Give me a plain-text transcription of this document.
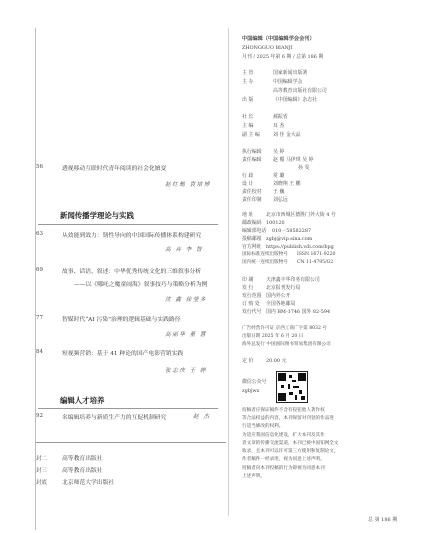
56	透视移动互联时代青年阅读的社会化嬗变
赵红勤 袁培博
新闻传播学理论与实践
63	从效能到效力：韧性导向的中国国际传播体系构建研究
高 卉 李 智
69	故事、话语、叙述：中华优秀传统文化的三维叙事分析
——以《哪吒之魔童闹海》叙事技巧与策略分析为例
沈 鑫 徐莹多
77	智媒时代“AI 污染”治理的逻辑基础与实践路径
高丽华 董 慧
84	短视频营销：基于 41 种论的国产电影营销实践
张志庆 王 婷
编辑人才培养
92	名编辑培养与新质生产力的互促机制研究	赵 杰
封二	高等教育出版社
封三	高等教育出版社
封底	北京师范大学出版社
中国编辑（中国编辑学会会刊）
ZHONGGUO BIANJI
月刊 / 2025 年第 6 期 / 总第 186 期
主 管	国家新闻出版署
主 办	中国编辑学会
高等教育出版社有限公司
出 版	《中国编辑》杂志社
社 长	郝振省
主 编	耳 杰
副 主 编	刘 佳 金大品
执行编辑 吴 婷
责任编辑 赵 楣 马伊琪 吴 婷
孙 雯
行 政	常 璐
设 计	刘晓翔 王 鹏
责任校对 王 巍
责任印制 刘弘远
地 址	北京市西城区德胜门外大街 4 号
邮政编码 100120
编辑部电话 010－58582287
投稿邮箱 zgbj@vip.sina.com
官方网址 https://publish.vdi.com/bpg
国际标准连续出版物号 ISSN 1671-9220
国内统一连续出版物号 CN 11-4795/G2
印 刷	天津鑫丰华印务有限公司
发 行	北京报刊发行局
发行范围 国内外公开
订 购 处 全国各地邮局
发行代号 国内 BM-1746 国外 82-594
广告经营许可证 京西工商广字第 8032 号
出版日期 2025 年 6 月 20 日
海外总发行 中国国际图书贸易集团有限公司
定 价	20.00 元
微信公众号
zgbjwx
投稿者应保证稿件不含有侵犯他人著作权
等合法权益的内容，本刊保留对刊登的作品进
行适当修改的权利。
为适应我国信息化建设，扩大本刊及其作
者文章的传播交流渠道，本刊已被中国知网全文
收录，且本刊可以许可第三方使用和复制论文，
作者稿件一经录用，视为同意上述声明。
投稿者向本刊投稿的行为即视为同意本刊
上述声明。
总 第 186 期
